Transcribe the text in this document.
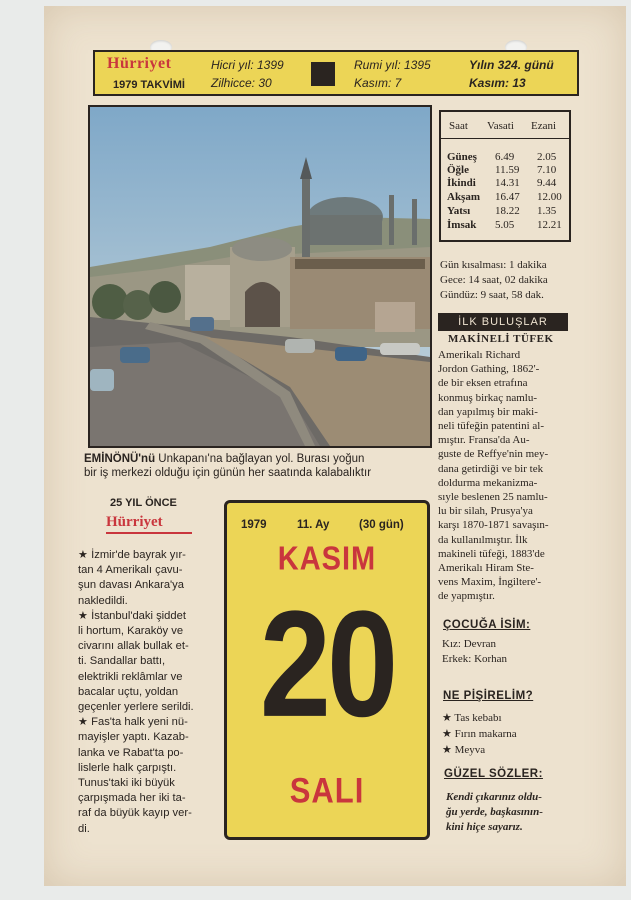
Hürriyet
1979 TAKVİMİ
Hicri yıl: 1399
Zilhicce: 30
Rumi yıl: 1395
Kasım: 7
Yılın 324. günü
Kasım: 13
EMİNÖNÜ'nü Unkapanı'na bağlayan yol. Burası yoğun
bir iş merkezi olduğu için günün her saatında kalabalıktır
Saat Vasati Ezani
Güneş 6.49 2.05
Öğle 11.59 7.10
İkindi 14.31 9.44
Akşam 16.47 12.00
Yatsı 18.22 1.35
İmsak 5.05 12.21
Gün kısalması: 1 dakika
Gece: 14 saat, 02 dakika
Gündüz: 9 saat, 58 dak.
İLK BULUŞLAR
MAKİNELİ TÜFEK
Amerikalı Richard
Jordon Gathing, 1862'-
de bir eksen etrafına
konmuş birkaç namlu-
dan yapılmış bir maki-
neli tüfeğin patentini al-
mıştır. Fransa'da Au-
guste de Reffye'nin mey-
dana getirdiği ve bir tek
doldurma mekanizma-
sıyle beslenen 25 namlu-
lu bir silah, Prusya'ya
karşı 1870-1871 savaşın-
da kullanılmıştır. İlk
makineli tüfeği, 1883'de
Amerikalı Hiram Ste-
vens Maxim, İngiltere'-
de yapmıştır.
ÇOCUĞA İSİM:
Kız: Devran
Erkek: Korhan
NE PİŞİRELİM?
★ Tas kebabı
★ Fırın makarna
★ Meyva
GÜZEL SÖZLER:
Kendi çıkarınız oldu-
ğu yerde, başkasının-
kini hiçe sayarız.
25 YIL ÖNCE
Hürriyet
★ İzmir'de bayrak yır-
tan 4 Amerikalı çavu-
şun davası Ankara'ya
nakledildi.
★ İstanbul'daki şiddet
li hortum, Karaköy ve
civarını allak bullak et-
ti. Sandallar battı,
elektrikli reklâmlar ve
bacalar uçtu, yoldan
geçenler yerlere serildi.
★ Fas'ta halk yeni nü-
mayişler yaptı. Kazab-
lanka ve Rabat'ta po-
lislerle halk çarpıştı.
Tunus'taki iki büyük
çarpışmada her iki ta-
raf da büyük kayıp ver-
di.
1979	11. Ay	(30 gün)
KASIM
20
SALI
